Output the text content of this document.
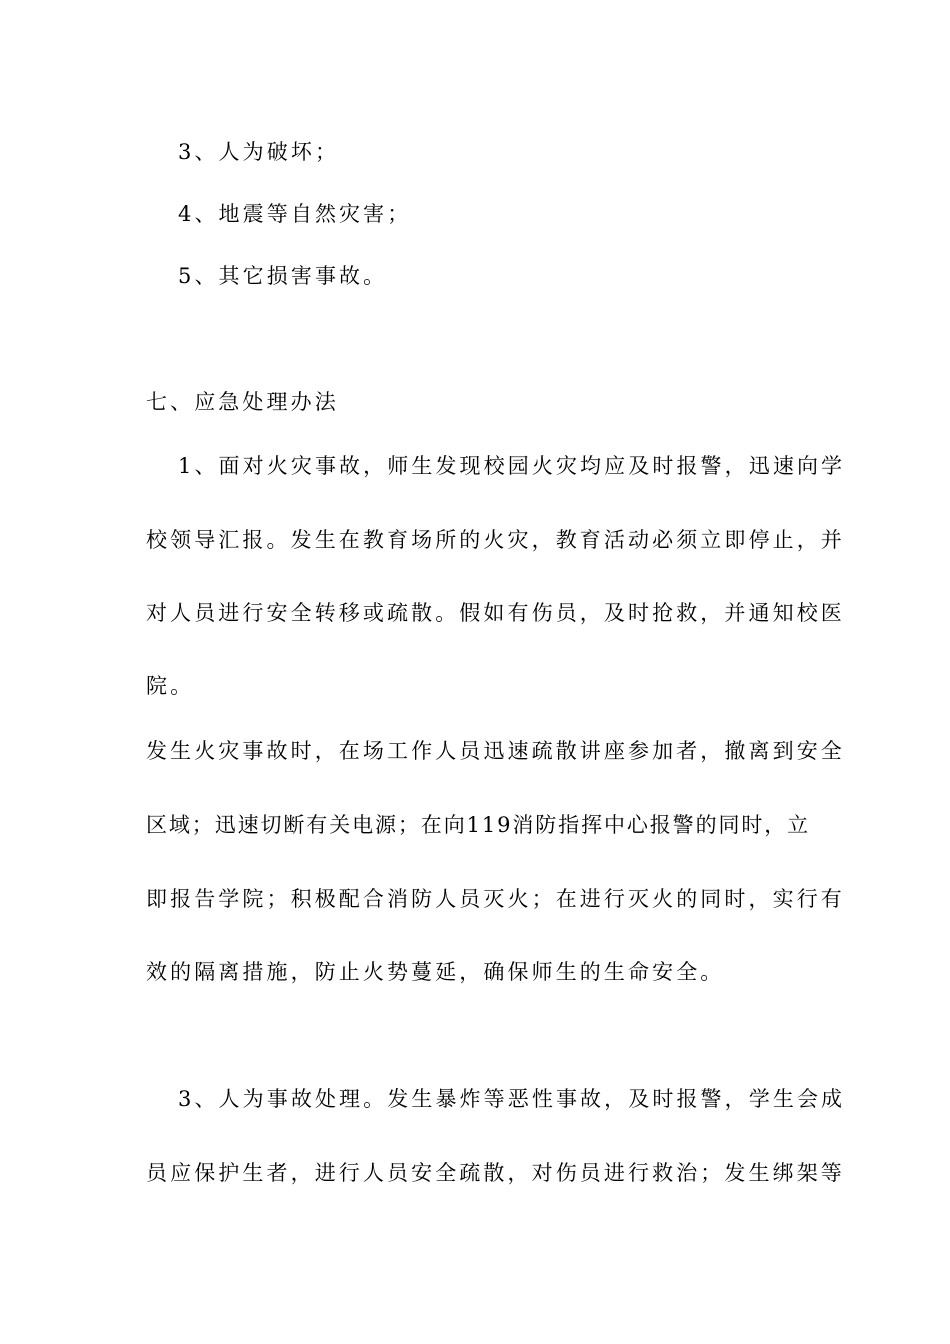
3、人为破坏；
4、地震等自然灾害；
5、其它损害事故。
七、应急处理办法
1、面对火灾事故，师生发现校园火灾均应及时报警，迅速向学
校领导汇报。发生在教育场所的火灾，教育活动必须立即停止，并
对人员进行安全转移或疏散。假如有伤员，及时抢救，并通知校医
院。
发生火灾事故时，在场工作人员迅速疏散讲座参加者，撤离到安全
区域；迅速切断有关电源；在向119消防指挥中心报警的同时，立
即报告学院；积极配合消防人员灭火；在进行灭火的同时，实行有
效的隔离措施，防止火势蔓延，确保师生的生命安全。
3、人为事故处理。发生暴炸等恶性事故，及时报警，学生会成
员应保护生者，进行人员安全疏散，对伤员进行救治；发生绑架等
